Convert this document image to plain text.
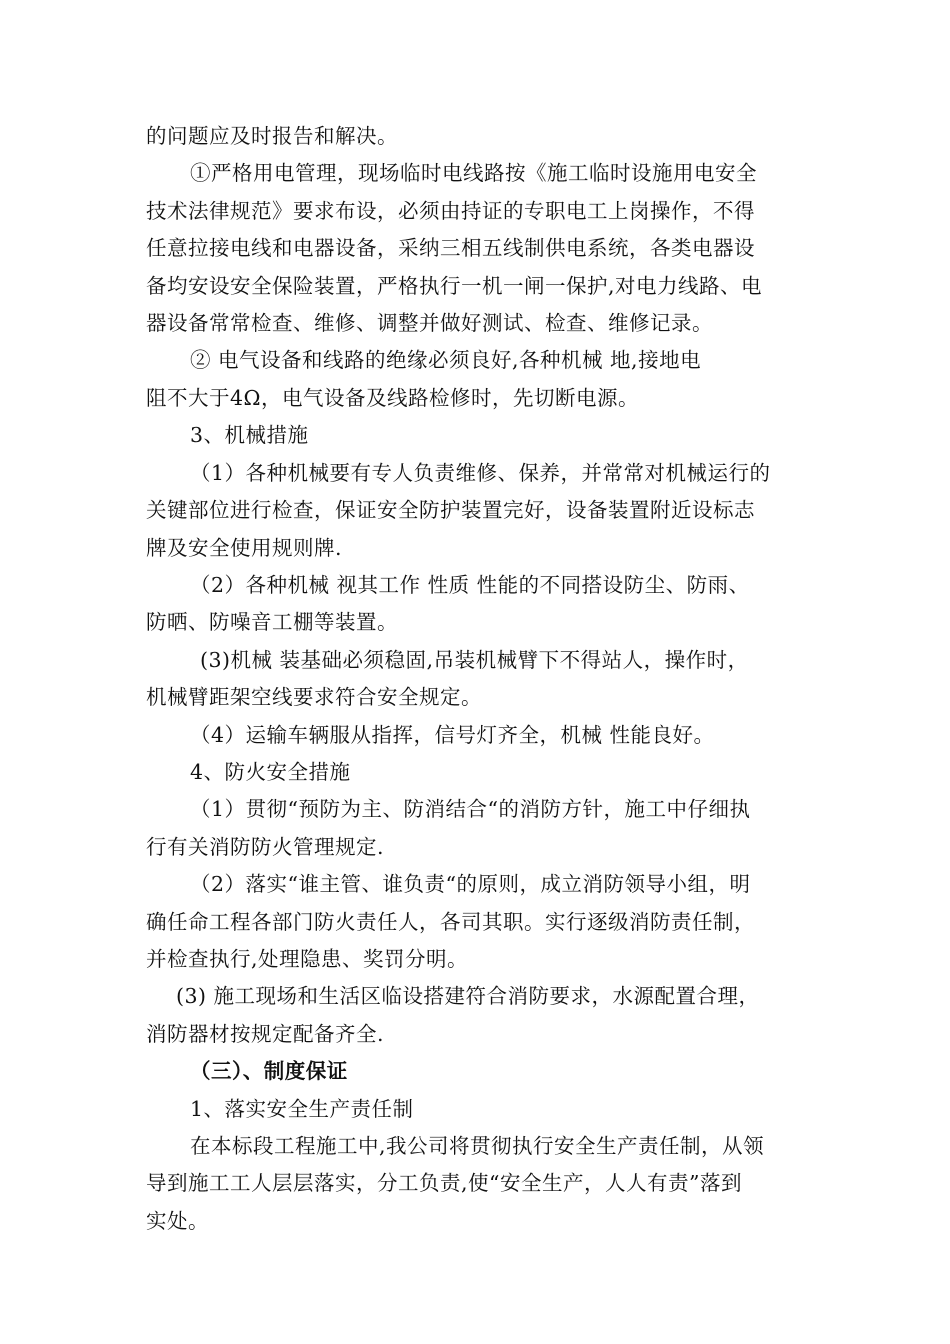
的问题应及时报告和解决。
①严格用电管理，现场临时电线路按《施工临时设施用电安全
技术法律规范》要求布设，必须由持证的专职电工上岗操作，不得
任意拉接电线和电器设备，采纳三相五线制供电系统，各类电器设
备均安设安全保险装置，严格执行一机一闸一保护,对电力线路、电
器设备常常检查、维修、调整并做好测试、检查、维修记录。
② 电气设备和线路的绝缘必须良好,各种机械 地,接地电
阻不大于4Ω，电气设备及线路检修时，先切断电源。
3、机械措施
（1）各种机械要有专人负责维修、保养，并常常对机械运行的
关键部位进行检查，保证安全防护装置完好，设备装置附近设标志
牌及安全使用规则牌.
（2）各种机械 视其工作 性质 性能的不同搭设防尘、防雨、
防晒、防噪音工棚等装置。
(3)机械 装基础必须稳固,吊装机械臂下不得站人，操作时，
机械臂距架空线要求符合安全规定。
（4）运输车辆服从指挥，信号灯齐全，机械 性能良好。
4、防火安全措施
（1）贯彻“预防为主、防消结合“的消防方针，施工中仔细执
行有关消防防火管理规定.
（2）落实“谁主管、谁负责“的原则，成立消防领导小组，明
确任命工程各部门防火责任人，各司其职。实行逐级消防责任制，
并检查执行,处理隐患、奖罚分明。
(3) 施工现场和生活区临设搭建符合消防要求，水源配置合理，
消防器材按规定配备齐全.
（三）、制度保证
1、落实安全生产责任制
在本标段工程施工中,我公司将贯彻执行安全生产责任制，从领
导到施工工人层层落实，分工负责,使“安全生产，人人有责”落到
实处。
